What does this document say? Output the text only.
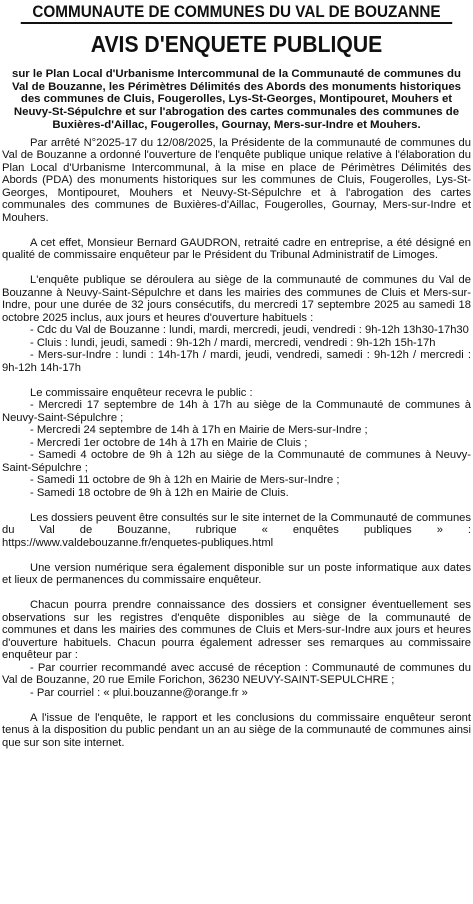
COMMUNAUTE DE COMMUNES DU VAL DE BOUZANNE
AVIS D'ENQUETE PUBLIQUE

sur le Plan Local d'Urbanisme Intercommunal de la Communauté de communes du Val de Bouzanne, les Périmètres Délimités des Abords des monuments historiques des communes de Cluis, Fougerolles, Lys-St-Georges, Montipouret, Mouhers et Neuvy-St-Sépulchre et sur l'abrogation des cartes communales des communes de Buxières-d'Aillac, Fougerolles, Gournay, Mers-sur-Indre et Mouhers.

Par arrêté N°2025-17 du 12/08/2025, la Présidente de la communauté de communes du Val de Bouzanne a ordonné l'ouverture de l'enquête publique unique relative à l'élaboration du Plan Local d'Urbanisme Intercommunal, à la mise en place de Périmètres Délimités des Abords (PDA) des monuments historiques sur les communes de Cluis, Fougerolles, Lys-St-Georges, Montipouret, Mouhers et Neuvy-St-Sépulchre et à l'abrogation des cartes communales des communes de Buxières-d'Aillac, Fougerolles, Gournay, Mers-sur-Indre et Mouhers.

A cet effet, Monsieur Bernard GAUDRON, retraité cadre en entreprise, a été désigné en qualité de commissaire enquêteur par le Président du Tribunal Administratif de Limoges.

L'enquête publique se déroulera au siège de la communauté de communes du Val de Bouzanne à Neuvy-Saint-Sépulchre et dans les mairies des communes de Cluis et Mers-sur-Indre, pour une durée de 32 jours consécutifs, du mercredi 17 septembre 2025 au samedi 18 octobre 2025 inclus, aux jours et heures d'ouverture habituels :

- Cdc du Val de Bouzanne : lundi, mardi, mercredi, jeudi, vendredi : 9h-12h 13h30-17h30

- Cluis : lundi, jeudi, samedi : 9h-12h / mardi, mercredi, vendredi : 9h-12h 15h-17h

- Mers-sur-Indre : lundi : 14h-17h / mardi, jeudi, vendredi, samedi : 9h-12h / mercredi : 9h-12h 14h-17h

Le commissaire enquêteur recevra le public :

- Mercredi 17 septembre de 14h à 17h au siège de la Communauté de communes à Neuvy-Saint-Sépulchre ;

- Mercredi 24 septembre de 14h à 17h en Mairie de Mers-sur-Indre ;

- Mercredi 1er octobre de 14h à 17h en Mairie de Cluis ;

- Samedi 4 octobre de 9h à 12h au siège de la Communauté de communes à Neuvy-Saint-Sépulchre ;

- Samedi 11 octobre de 9h à 12h en Mairie de Mers-sur-Indre ;

- Samedi 18 octobre de 9h à 12h en Mairie de Cluis.

Les dossiers peuvent être consultés sur le site internet de la Communauté de communes du Val de Bouzanne, rubrique « enquêtes publiques » : https://www.valdebouzanne.fr/enquetes-publiques.html

Une version numérique sera également disponible sur un poste informatique aux dates et lieux de permanences du commissaire enquêteur.

Chacun pourra prendre connaissance des dossiers et consigner éventuellement ses observations sur les registres d'enquête disponibles au siège de la communauté de communes et dans les mairies des communes de Cluis et Mers-sur-Indre aux jours et heures d'ouverture habituels. Chacun pourra également adresser ses remarques au commissaire enquêteur par :

- Par courrier recommandé avec accusé de réception : Communauté de communes du Val de Bouzanne, 20 rue Emile Forichon, 36230 NEUVY-SAINT-SEPULCHRE ;

- Par courriel : « plui.bouzanne@orange.fr »

A l'issue de l'enquête, le rapport et les conclusions du commissaire enquêteur seront tenus à la disposition du public pendant un an au siège de la communauté de communes ainsi que sur son site internet.
